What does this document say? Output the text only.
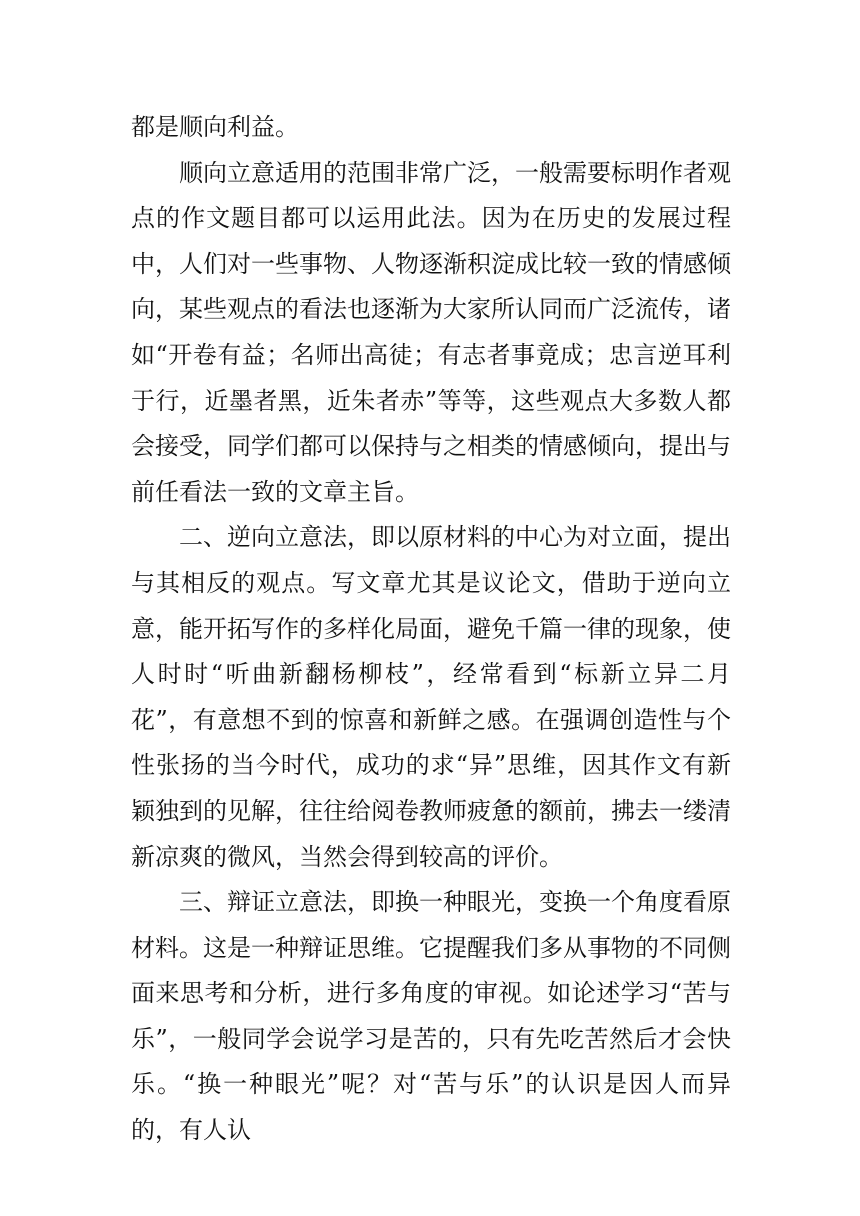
都是顺向利益。

顺向立意适用的范围非常广泛，一般需要标明作者观点的作文题目都可以运用此法。因为在历史的发展过程中，人们对一些事物、人物逐渐积淀成比较一致的情感倾向，某些观点的看法也逐渐为大家所认同而广泛流传，诸如“开卷有益；名师出高徒；有志者事竟成；忠言逆耳利于行，近墨者黑，近朱者赤”等等，这些观点大多数人都会接受，同学们都可以保持与之相类的情感倾向，提出与前任看法一致的文章主旨。

二、逆向立意法，即以原材料的中心为对立面，提出与其相反的观点。写文章尤其是议论文，借助于逆向立意，能开拓写作的多样化局面，避免千篇一律的现象，使人时时“听曲新翻杨柳枝”，经常看到“标新立异二月花”，有意想不到的惊喜和新鲜之感。在强调创造性与个性张扬的当今时代，成功的求“异”思维，因其作文有新颖独到的见解，往往给阅卷教师疲惫的额前，拂去一缕清新凉爽的微风，当然会得到较高的评价。

三、辩证立意法，即换一种眼光，变换一个角度看原材料。这是一种辩证思维。它提醒我们多从事物的不同侧面来思考和分析，进行多角度的审视。如论述学习“苦与乐”，一般同学会说学习是苦的，只有先吃苦然后才会快乐。“换一种眼光”呢？对“苦与乐”的认识是因人而异的，有人认
